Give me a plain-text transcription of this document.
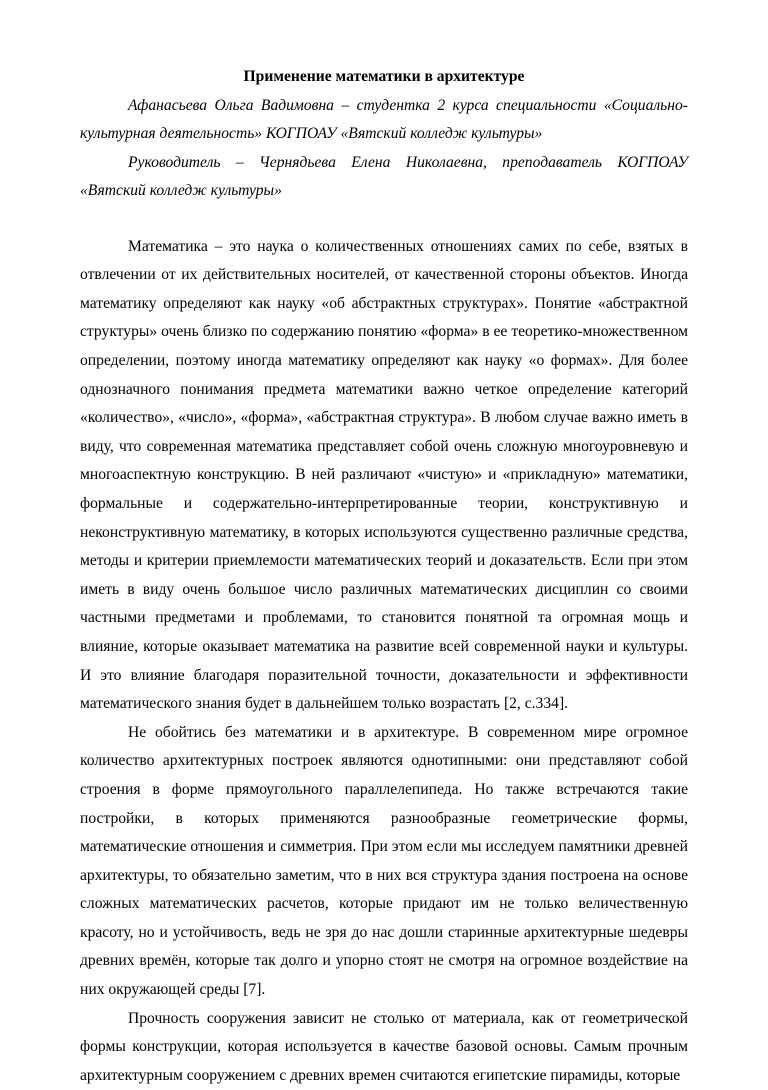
Применение математики в архитектуре

Афанасьева Ольга Вадимовна – студентка 2 курса специальности «Социально-культурная деятельность» КОГПОАУ «Вятский колледж культуры»

Руководитель – Чернядьева Елена Николаевна, преподаватель КОГПОАУ «Вятский колледж культуры»

Математика – это наука о количественных отношениях самих по себе, взятых в отвлечении от их действительных носителей, от качественной стороны объектов. Иногда математику определяют как науку «об абстрактных структурах». Понятие «абстрактной структуры» очень близко по содержанию понятию «форма» в ее теоретико-множественном определении, поэтому иногда математику определяют как науку «о формах». Для более однозначного понимания предмета математики важно четкое определение категорий «количество», «число», «форма», «абстрактная структура». В любом случае важно иметь в виду, что современная математика представляет собой очень сложную многоуровневую и многоаспектную конструкцию. В ней различают «чистую» и «прикладную» математики, формальные и содержательно-интерпретированные теории, конструктивную и неконструктивную математику, в которых используются существенно различные средства, методы и критерии приемлемости математических теорий и доказательств. Если при этом иметь в виду очень большое число различных математических дисциплин со своими частными предметами и проблемами, то становится понятной та огромная мощь и влияние, которые оказывает математика на развитие всей современной науки и культуры. И это влияние благодаря поразительной точности, доказательности и эффективности математического знания будет в дальнейшем только возрастать [2, с.334].

Не обойтись без математики и в архитектуре. В современном мире огромное количество архитектурных построек являются однотипными: они представляют собой строения в форме прямоугольного параллелепипеда. Но также встречаются такие постройки, в которых применяются разнообразные геометрические формы, математические отношения и симметрия. При этом если мы исследуем памятники древней архитектуры, то обязательно заметим, что в них вся структура здания построена на основе сложных математических расчетов, которые придают им не только величественную красоту, но и устойчивость, ведь не зря до нас дошли старинные архитектурные шедевры древних времён, которые так долго и упорно стоят не смотря на огромное воздействие на них окружающей среды [7].

Прочность сооружения зависит не столько от материала, как от геометрической формы конструкции, которая используется в качестве базовой основы. Самым прочным архитектурным сооружением с древних времен считаются египетские пирамиды, которые
